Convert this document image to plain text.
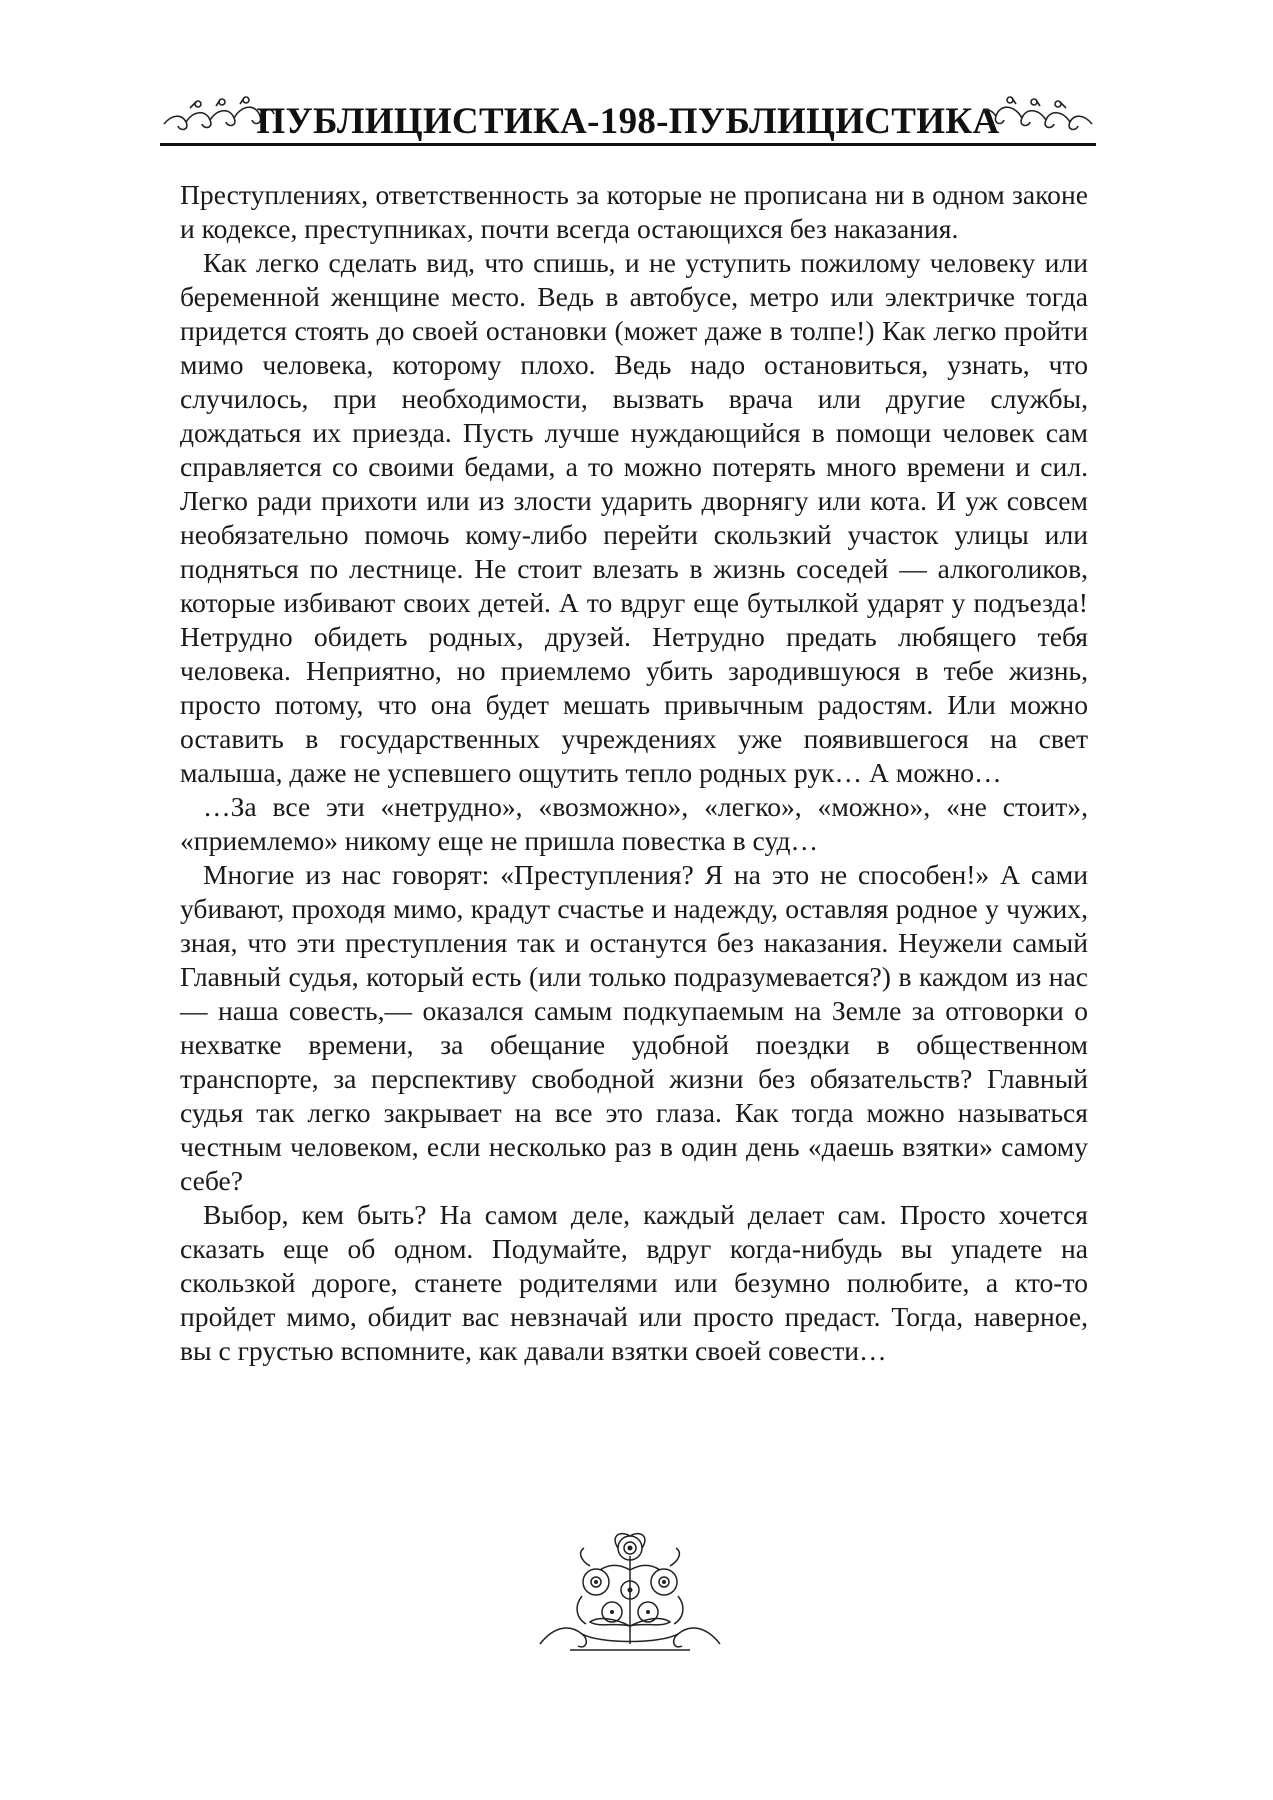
ПУБЛИЦИСТИКА-198-ПУБЛИЦИСТИКА

Преступлениях, ответственность за которые не прописана ни в одном законе и кодексе, преступниках, почти всегда остающихся без наказания.

Как легко сделать вид, что спишь, и не уступить пожилому человеку или беременной женщине место. Ведь в автобусе, метро или электричке тогда придется стоять до своей остановки (может даже в толпе!) Как легко пройти мимо человека, которому плохо. Ведь надо остановиться, узнать, что случилось, при необходимости, вызвать врача или другие службы, дождаться их приезда. Пусть лучше нуждающийся в помощи человек сам справляется со своими бедами, а то можно потерять много времени и сил. Легко ради прихоти или из злости ударить дворнягу или кота. И уж совсем необязательно помочь кому-либо перейти скользкий участок улицы или подняться по лестнице. Не стоит влезать в жизнь соседей — алкоголиков, которые избивают своих детей. А то вдруг еще бутылкой ударят у подъезда! Нетрудно обидеть родных, друзей. Нетрудно предать любящего тебя человека. Неприятно, но приемлемо убить зародившуюся в тебе жизнь, просто потому, что она будет мешать привычным радостям. Или можно оставить в государственных учреждениях уже появившегося на свет малыша, даже не успевшего ощутить тепло родных рук… А можно…

…За все эти «нетрудно», «возможно», «легко», «можно», «не стоит», «приемлемо» никому еще не пришла повестка в суд…

Многие из нас говорят: «Преступления? Я на это не способен!» А сами убивают, проходя мимо, крадут счастье и надежду, оставляя родное у чужих, зная, что эти преступления так и останутся без наказания. Неужели самый Главный судья, который есть (или только подразумевается?) в каждом из нас— наша совесть,— оказался самым подкупаемым на Земле за отговорки о нехватке времени, за обещание удобной поездки в общественном транспорте, за перспективу свободной жизни без обязательств? Главный судья так легко закрывает на все это глаза. Как тогда можно называться честным человеком, если несколько раз в один день «даешь взятки» самому себе?

Выбор, кем быть? На самом деле, каждый делает сам. Просто хочется сказать еще об одном. Подумайте, вдруг когда-нибудь вы упадете на скользкой дороге, станете родителями или безумно полюбите, а кто-то пройдет мимо, обидит вас невзначай или просто предаст. Тогда, наверное, вы с грустью вспомните, как давали взятки своей совести…
